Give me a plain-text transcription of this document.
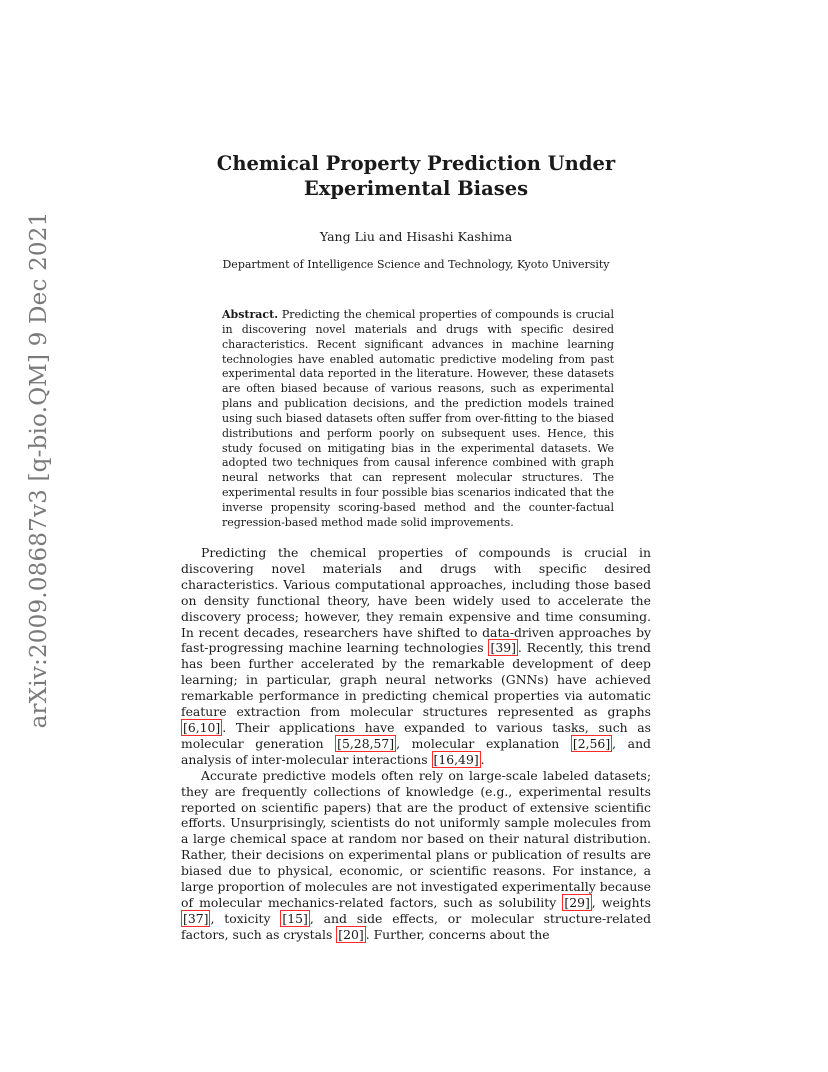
arXiv:2009.08687v3 [q-bio.QM] 9 Dec 2021
Chemical Property Prediction Under
Experimental Biases
Yang Liu and Hisashi Kashima
Department of Intelligence Science and Technology, Kyoto University
Abstract. Predicting the chemical properties of compounds is crucial in discovering novel materials and drugs with specific desired characteristics. Recent significant advances in machine learning technologies have enabled automatic predictive modeling from past experimental data reported in the literature. However, these datasets are often biased because of various reasons, such as experimental plans and publication decisions, and the prediction models trained using such biased datasets often suffer from over-fitting to the biased distributions and perform poorly on subsequent uses. Hence, this study focused on mitigating bias in the experimental datasets. We adopted two techniques from causal inference combined with graph neural networks that can represent molecular structures. The experimental results in four possible bias scenarios indicated that the inverse propensity scoring-based method and the counter-factual regression-based method made solid improvements.

Predicting the chemical properties of compounds is crucial in discovering novel materials and drugs with specific desired characteristics. Various computational approaches, including those based on density functional theory, have been widely used to accelerate the discovery process; however, they remain expensive and time consuming. In recent decades, researchers have shifted to data-driven approaches by fast-progressing machine learning technologies [39] . Recently, this trend has been further accelerated by the remarkable development of deep learning; in particular, graph neural networks (GNNs) have achieved remarkable performance in predicting chemical properties via automatic feature extraction from molecular structures represented as graphs [6,10] . Their applications have expanded to various tasks, such as molecular generation [5,28,57] , molecular explanation [2,56] , and analysis of inter-molecular interactions [16,49] .

Accurate predictive models often rely on large-scale labeled datasets; they are frequently collections of knowledge (e.g., experimental results reported on scientific papers) that are the product of extensive scientific efforts. Unsurprisingly, scientists do not uniformly sample molecules from a large chemical space at random nor based on their natural distribution. Rather, their decisions on experimental plans or publication of results are biased due to physical, economic, or scientific reasons. For instance, a large proportion of molecules are not investigated experimentally because of molecular mechanics-related factors, such as solubility [29] , weights [37] , toxicity [15] , and side effects, or molecular structure-related factors, such as crystals [20] . Further, concerns about the
